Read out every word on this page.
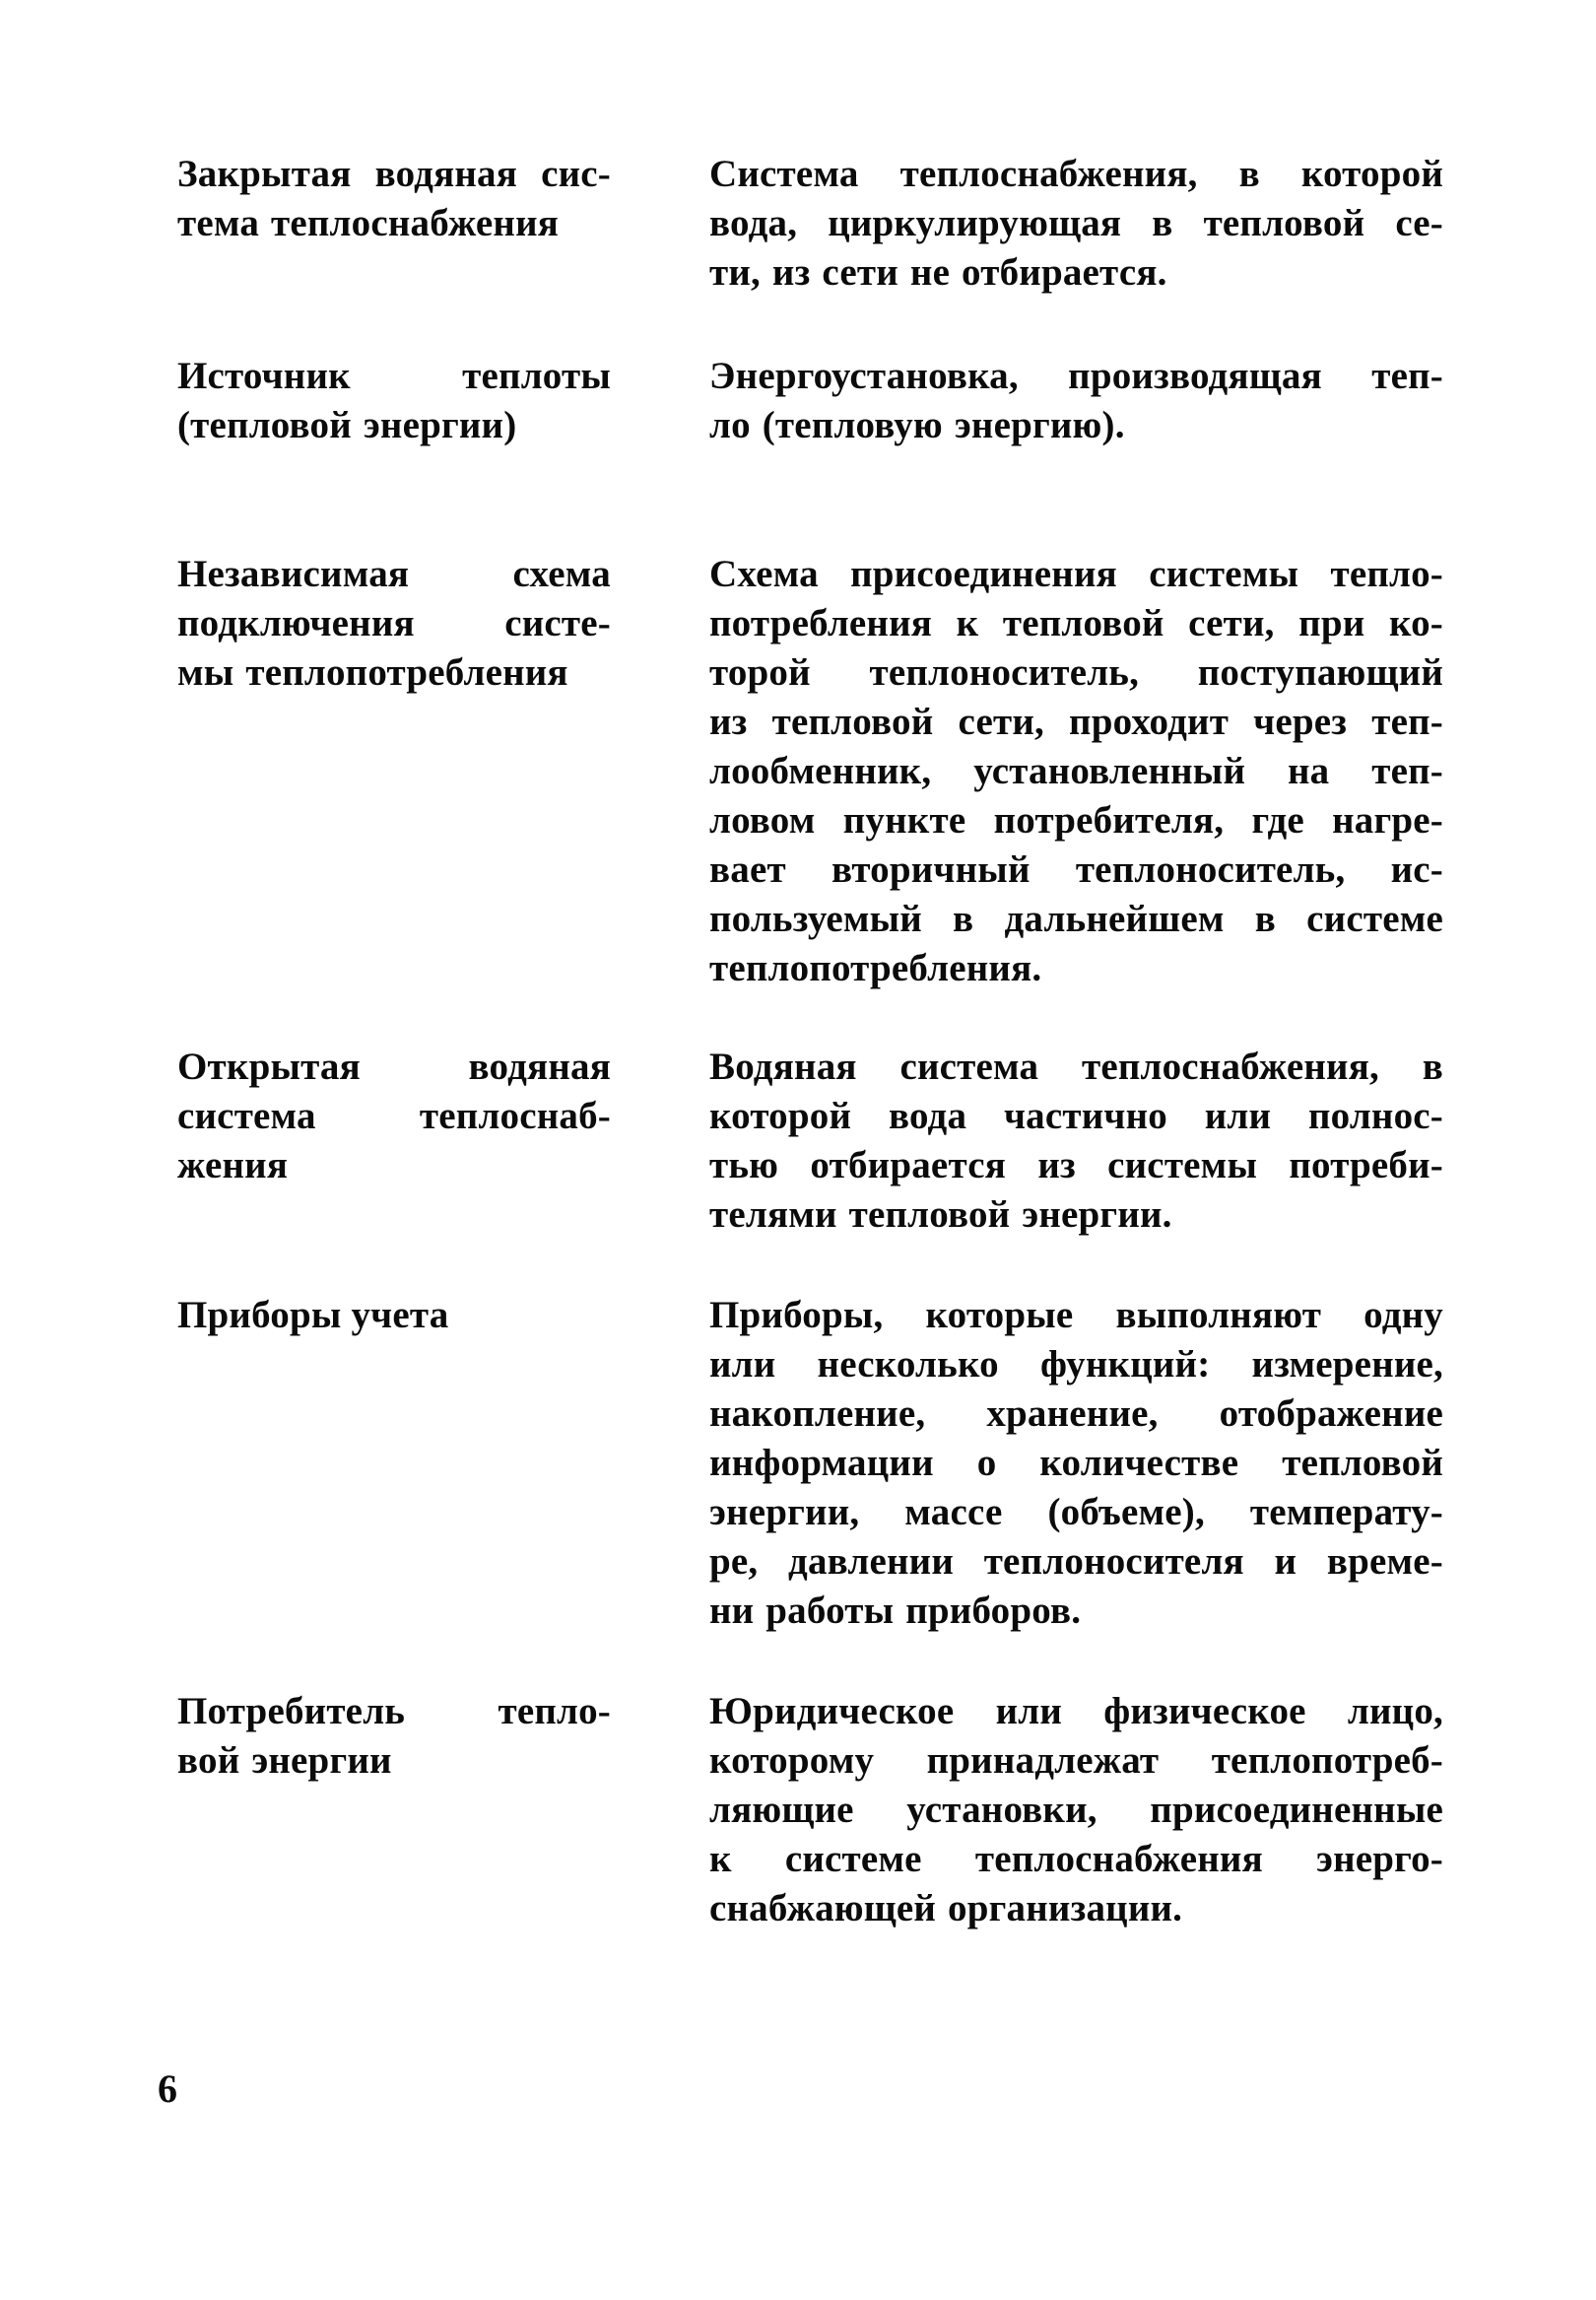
Закрытая водяная сис-
тема теплоснабжения
Система теплоснабжения, в которой
вода, циркулирующая в тепловой се-
ти, из сети не отбирается.
Источник теплоты
(тепловой энергии)
Энергоустановка, производящая теп-
ло (тепловую энергию).
Независимая схема
подключения систе-
мы теплопотребления
Схема присоединения системы тепло-
потребления к тепловой сети, при ко-
торой теплоноситель, поступающий
из тепловой сети, проходит через теп-
лообменник, установленный на теп-
ловом пункте потребителя, где нагре-
вает вторичный теплоноситель, ис-
пользуемый в дальнейшем в системе
теплопотребления.
Открытая водяная
система теплоснаб-
жения
Водяная система теплоснабжения, в
которой вода частично или полнос-
тью отбирается из системы потреби-
телями тепловой энергии.
Приборы учета	Приборы, которые выполняют одну
или несколько функций: измерение,
накопление, хранение, отображение
информации о количестве тепловой
энергии, массе (объеме), температу-
ре, давлении теплоносителя и време-
ни работы приборов.
Потребитель тепло-
вой энергии
Юридическое или физическое лицо,
которому принадлежат теплопотреб-
ляющие установки, присоединенные
к системе теплоснабжения энерго-
снабжающей организации.
6
